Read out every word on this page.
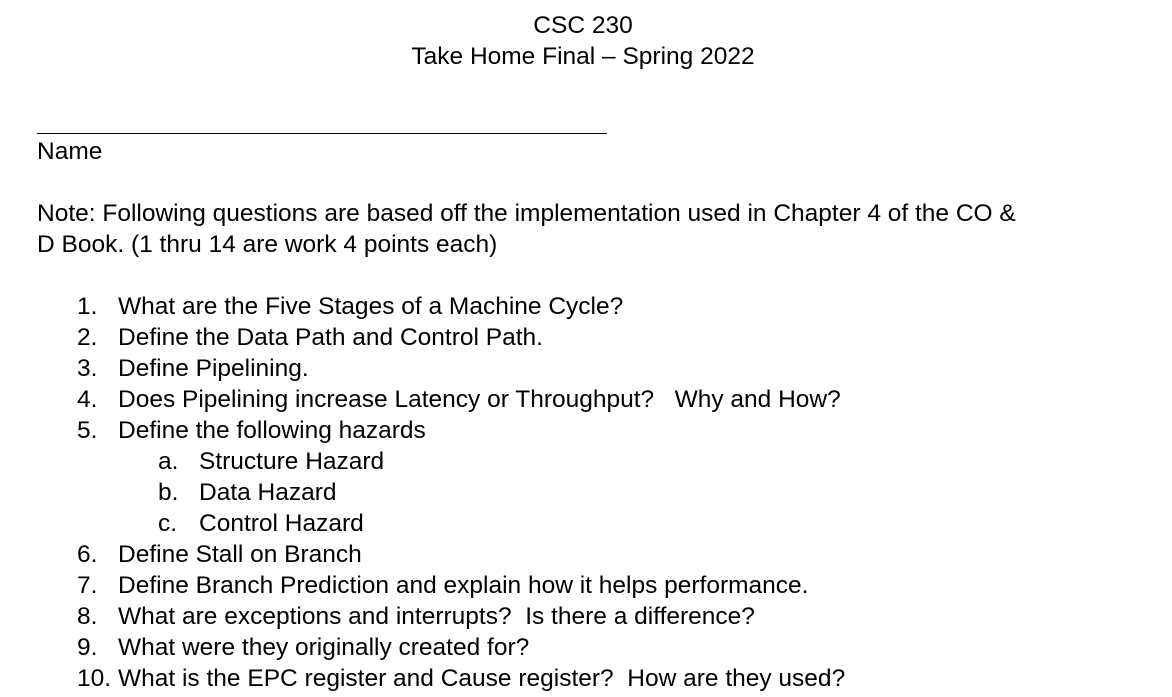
CSC 230
Take Home Final – Spring 2022
Name
Note: Following questions are based off the implementation used in Chapter 4 of the CO &
D Book. (1 thru 14 are work 4 points each)
1. What are the Five Stages of a Machine Cycle?
2. Define the Data Path and Control Path.
3. Define Pipelining.
4. Does Pipelining increase Latency or Throughput?   Why and How?
5. Define the following hazards
a. Structure Hazard
b. Data Hazard
c. Control Hazard
6. Define Stall on Branch
7. Define Branch Prediction and explain how it helps performance.
8. What are exceptions and interrupts?  Is there a difference?
9. What were they originally created for?
10. What is the EPC register and Cause register?  How are they used?
